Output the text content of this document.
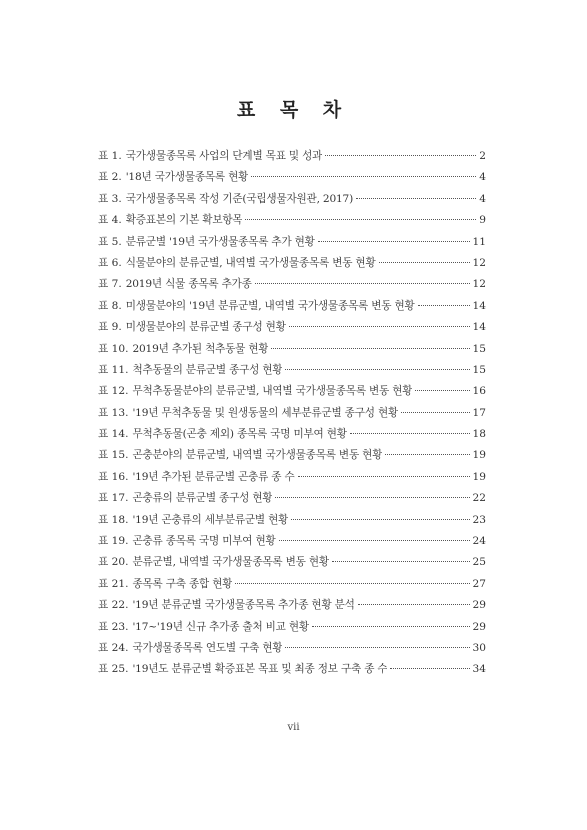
표 목 차
표 1. 국가생물종목록 사업의 단계별 목표 및 성과	2
표 2. '18년 국가생물종목록 현황	4
표 3. 국가생물종목록 작성 기준(국립생물자원관, 2017)	4
표 4. 확증표본의 기본 확보항목	9
표 5. 분류군별 '19년 국가생물종목록 추가 현황	11
표 6. 식물분야의 분류군별, 내역별 국가생물종목록 변동 현황	12
표 7. 2019년 식물 종목록 추가종	12
표 8. 미생물분야의 '19년 분류군별, 내역별 국가생물종목록 변동 현황	14
표 9. 미생물분야의 분류군별 종구성 현황	14
표 10. 2019년 추가된 척추동물 현황	15
표 11. 척추동물의 분류군별 종구성 현황	15
표 12. 무척추동물분야의 분류군별, 내역별 국가생물종목록 변동 현황	16
표 13. '19년 무척추동물 및 원생동물의 세부분류군별 종구성 현황	17
표 14. 무척추동물(곤충 제외) 종목록 국명 미부여 현황	18
표 15. 곤충분야의 분류군별, 내역별 국가생물종목록 변동 현황	19
표 16. '19년 추가된 분류군별 곤충류 종 수	19
표 17. 곤충류의 분류군별 종구성 현황	22
표 18. '19년 곤충류의 세부분류군별 현황	23
표 19. 곤충류 종목록 국명 미부여 현황	24
표 20. 분류군별, 내역별 국가생물종목록 변동 현황	25
표 21. 종목록 구축 종합 현황	27
표 22. '19년 분류군별 국가생물종목록 추가종 현황 분석	29
표 23. '17~'19년 신규 추가종 출처 비교 현황	29
표 24. 국가생물종목록 연도별 구축 현황	30
표 25. '19년도 분류군별 확증표본 목표 및 최종 정보 구축 종 수	34
vii
